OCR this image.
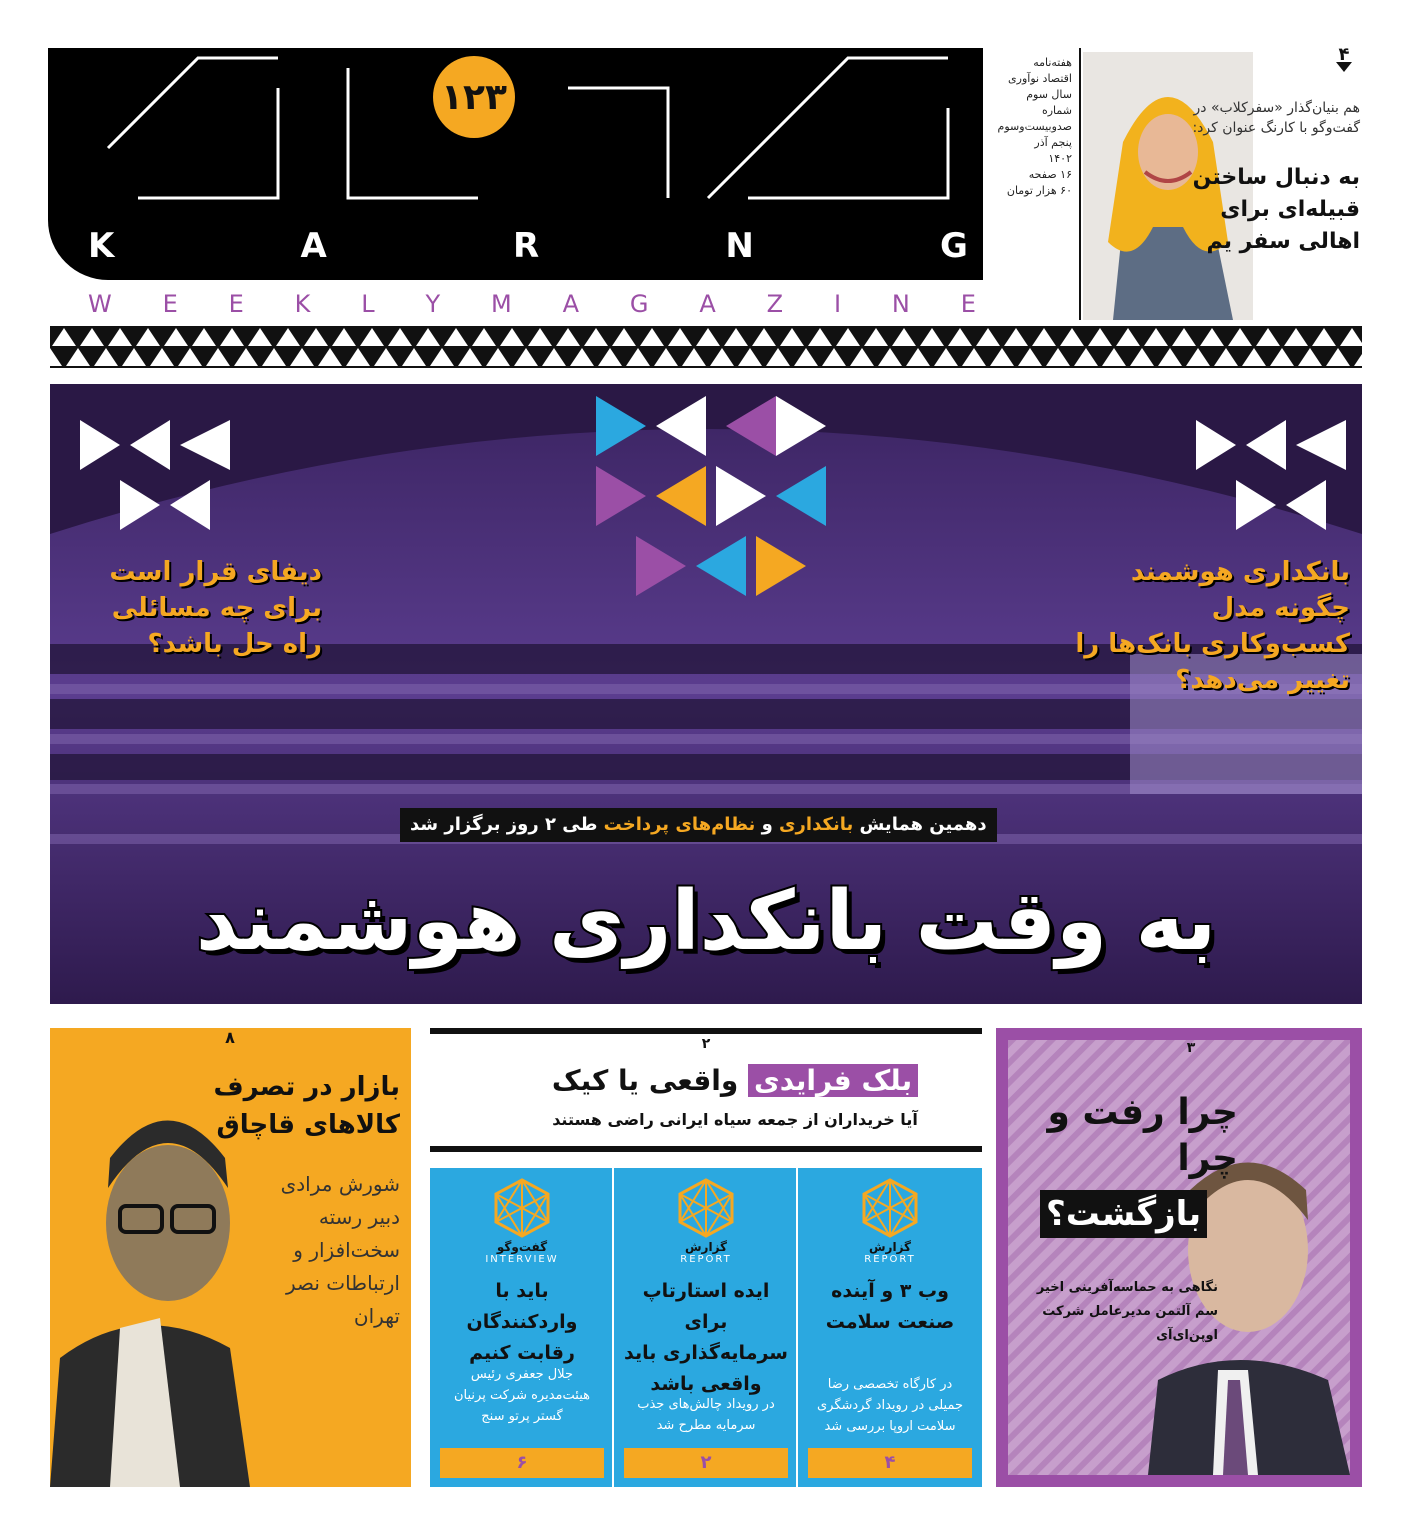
۱۲۳
K	A	R	N	G
W E E K L Y M A G A Z I N E
هفته‌نامه
اقتصاد نوآوری
سال سوم
شماره
صدوبیست‌وسوم
پنجم آذر
۱۴۰۲
۱۶ صفحه
۶۰ هزار تومان
۴
هم بنیان‌گذار «سفرکلاب» در گفت‌وگو با کارنگ عنوان کرد:
به دنبال ساختن قبیله‌ای برای اهالی سفر یم
دیفای قرار است برای چه مسائلی راه حل باشد؟
بانکداری هوشمند چگونه مدل کسب‌وکاری بانک‌ها را تغییر می‌دهد؟
دهمین همایش بانکداری و نظام‌های پرداخت طی ۲ روز برگزار شد
به وقت بانکداری هوشمند
۸
بازار در تصرف کالاهای قاچاق
شورش مرادی دبیر رسته سخت‌افزار و ارتباطات نصر تهران
۲
بلک فرایدی واقعی یا کیک
آیا خریداران از جمعه سیاه ایرانی راضی هستند
گزارش
REPORT
وب ۳ و آینده صنعت سلامت

در کارگاه تخصصی رضا جمیلی در رویداد گردشگری سلامت اروپا بررسی شد

۴
گزارش
REPORT
ایده استارتاپ برای سرمایه‌گذاری باید واقعی باشد

در رویداد چالش‌های جذب سرمایه مطرح شد

۲
گفت‌وگو
INTERVIEW
باید با واردکنندگان رقابت کنیم

جلال جعفری رئیس هیئت‌مدیره شرکت پرنیان گستر پرتو سنج

۶
۳
چرا رفت و چرا
بازگشت؟
نگاهی به حماسه‌آفرینی اخیر سم آلتمن مدیرعامل شرکت اوپن‌ای‌آی
